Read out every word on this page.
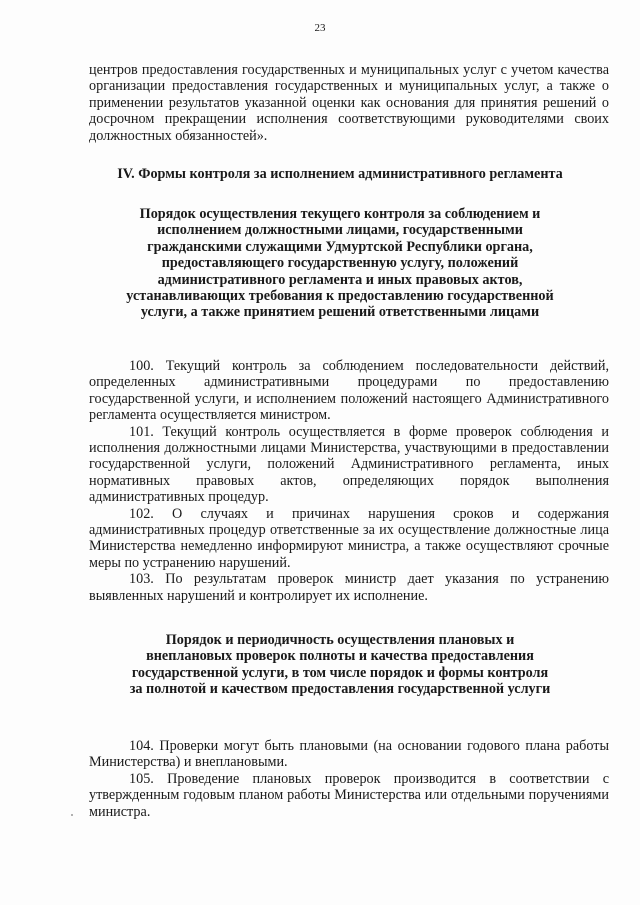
23

центров предоставления государственных и муниципальных услуг с учетом качества организации предоставления государственных и муниципальных услуг, а также о применении результатов указанной оценки как основания для принятия решений о досрочном прекращении исполнения соответствующими руководителями своих должностных обязанностей».

IV. Формы контроля за исполнением административного регламента
Порядок осуществления текущего контроля за соблюдением и исполнением должностными лицами, государственными гражданскими служащими Удмуртской Республики органа, предоставляющего государственную услугу, положений административного регламента и иных правовых актов, устанавливающих требования к предоставлению государственной услуги, а также принятием решений ответственными лицами

100. Текущий контроль за соблюдением последовательности действий, определенных административными процедурами по предоставлению государственной услуги, и исполнением положений настоящего Административного регламента осуществляется министром.

101. Текущий контроль осуществляется в форме проверок соблюдения и исполнения должностными лицами Министерства, участвующими в предоставлении государственной услуги, положений Административного регламента, иных нормативных правовых актов, определяющих порядок выполнения административных процедур.

102. О случаях и причинах нарушения сроков и содержания административных процедур ответственные за их осуществление должностные лица Министерства немедленно информируют министра, а также осуществляют срочные меры по устранению нарушений.

103. По результатам проверок министр дает указания по устранению выявленных нарушений и контролирует их исполнение.

Порядок и периодичность осуществления плановых и внеплановых проверок полноты и качества предоставления государственной услуги, в том числе порядок и формы контроля за полнотой и качеством предоставления государственной услуги

104. Проверки могут быть плановыми (на основании годового плана работы Министерства) и внеплановыми.

105. Проведение плановых проверок производится в соответствии с утвержденным годовым планом работы Министерства или отдельными поручениями министра.
